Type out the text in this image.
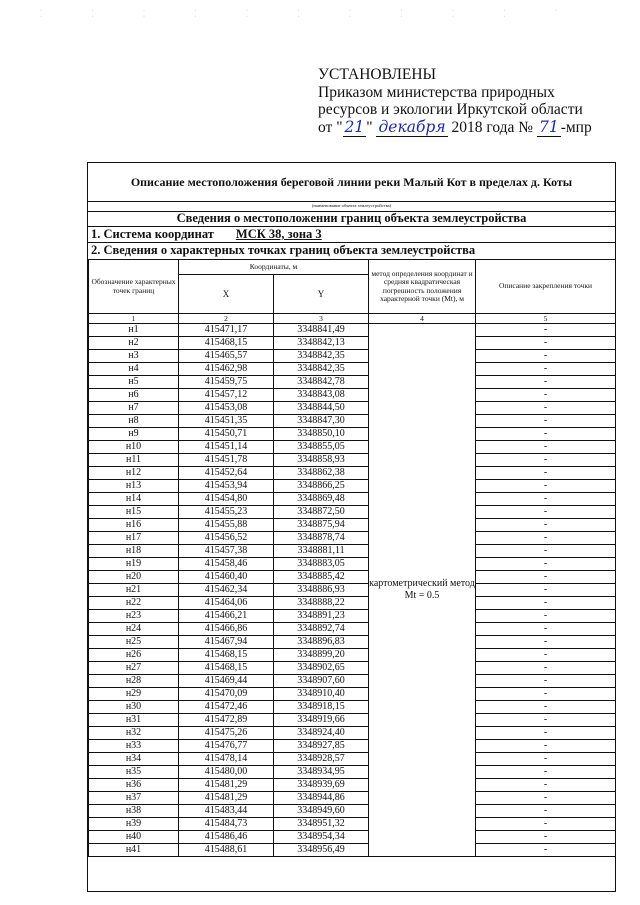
· · · · · · · · · · · · · · · · · · · · ·
УСТАНОВЛЕНЫ
Приказом министерства природных
ресурсов и экологии Иркутской области
от " 21 " декабря 2018 года № 71 -мпр
Описание местоположения береговой линии реки Малый Кот в пределах д. Коты
(наименование объекта землеустройства)
Сведения о местоположении границ объекта землеустройства
1. Система координат МСК 38, зона 3
2. Сведения о характерных точках границ объекта землеустройства
Обозначение характерных точек границ	Координаты, м		метод определения координат и средняя квадратическая погрешность положения характерной точки (Mt), м	Описание закрепления точки
	X	Y		
1	2	3	4	5
н1	415471,17	3348841,49	картометрический метод Mt = 0.5	-
н2	415468,15	3348842,13		-
н3	415465,57	3348842,35		-
н4	415462,98	3348842,35		-
н5	415459,75	3348842,78		-
н6	415457,12	3348843,08		-
н7	415453,08	3348844,50		-
н8	415451,35	3348847,30		-
н9	415450,71	3348850,10		-
н10	415451,14	3348855,05		-
н11	415451,78	3348858,93		-
н12	415452,64	3348862,38		-
н13	415453,94	3348866,25		-
н14	415454,80	3348869,48		-
н15	415455,23	3348872,50		-
н16	415455,88	3348875,94		-
н17	415456,52	3348878,74		-
н18	415457,38	3348881,11		-
н19	415458,46	3348883,05		-
н20	415460,40	3348885,42		-
н21	415462,34	3348886,93		-
н22	415464,06	3348888,22		-
н23	415466,21	3348891,23		-
н24	415466,86	3348892,74		-
н25	415467,94	3348896,83		-
н26	415468,15	3348899,20		-
н27	415468,15	3348902,65		-
н28	415469,44	3348907,60		-
н29	415470,09	3348910,40		-
н30	415472,46	3348918,15		-
н31	415472,89	3348919,66		-
н32	415475,26	3348924,40		-
н33	415476,77	3348927,85		-
н34	415478,14	3348928,57		-
н35	415480,00	3348934,95		-
н36	415481,29	3348939,69		-
н37	415481,29	3348944,86		-
н38	415483,44	3348949,60		-
н39	415484,73	3348951,32		-
н40	415486,46	3348954,34		-
н41	415488,61	3348956,49		-
